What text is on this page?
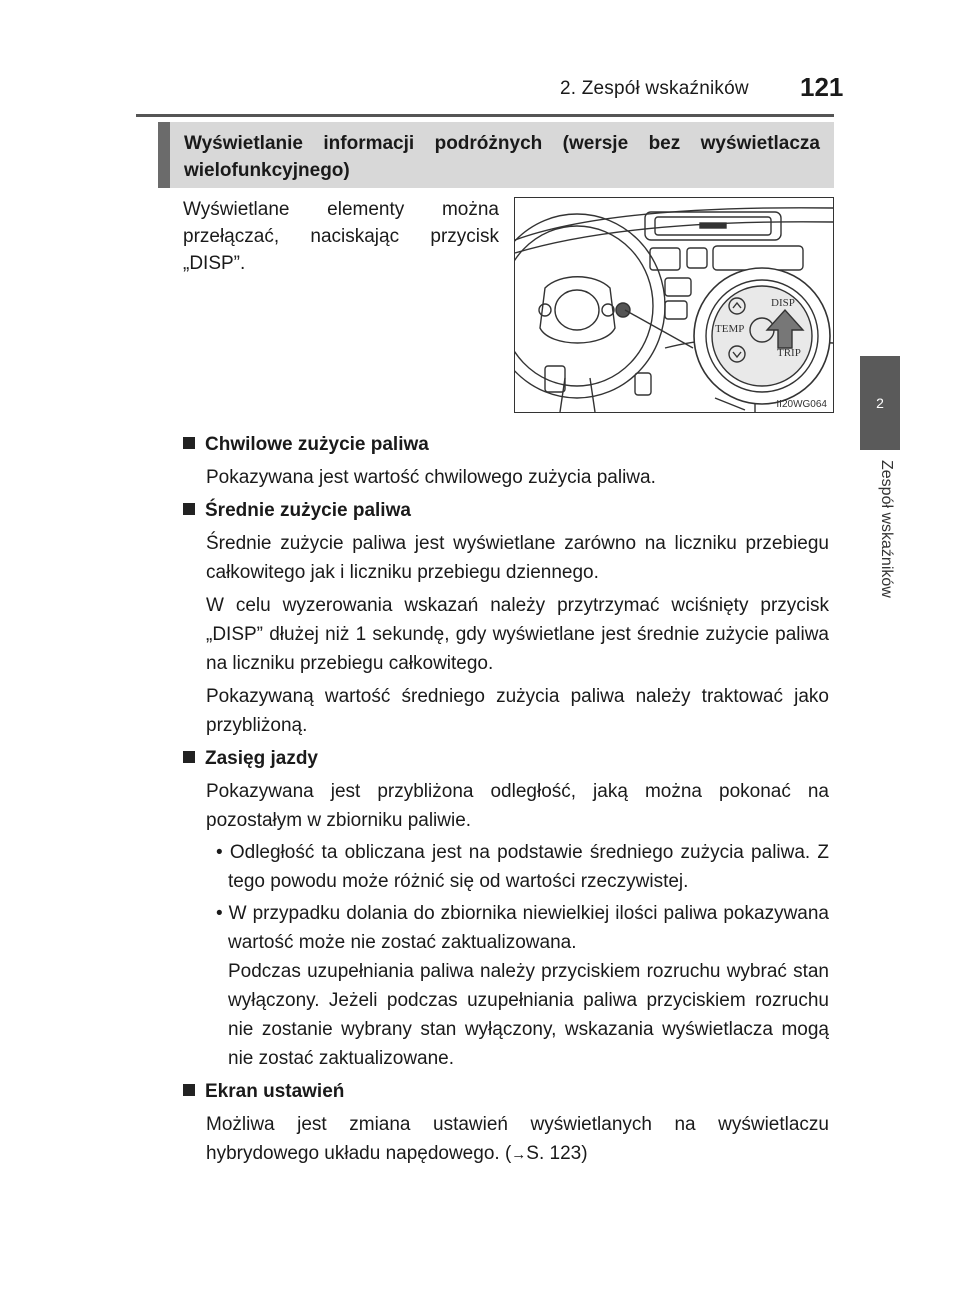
2. Zespół wskaźników 121
2
Zespół wskaźników
Wyświetlanie informacji podróżnych (wersje bez wyświetlacza wielofunkcyjnego)
Wyświetlane elementy można przełączać, naciskając przycisk „DISP”.
DISP
TEMP
TRIP
II20WG064
Chwilowe zużycie paliwa
Pokazywana jest wartość chwilowego zużycia paliwa.
Średnie zużycie paliwa
Średnie zużycie paliwa jest wyświetlane zarówno na liczniku przebiegu całkowitego jak i liczniku przebiegu dziennego.
W celu wyzerowania wskazań należy przytrzymać wciśnięty przycisk „DISP” dłużej niż 1 sekundę, gdy wyświetlane jest średnie zużycie paliwa na liczniku przebiegu całkowitego.
Pokazywaną wartość średniego zużycia paliwa należy traktować jako przybliżoną.
Zasięg jazdy
Pokazywana jest przybliżona odległość, jaką można pokonać na pozostałym w zbiorniku paliwie.
• Odległość ta obliczana jest na podstawie średniego zużycia paliwa. Z tego powodu może różnić się od wartości rzeczywistej.
• W przypadku dolania do zbiornika niewielkiej ilości paliwa pokazywana wartość może nie zostać zaktualizowana.
Podczas uzupełniania paliwa należy przyciskiem rozruchu wybrać stan wyłączony. Jeżeli podczas uzupełniania paliwa przyciskiem rozruchu nie zostanie wybrany stan wyłączony, wskazania wyświetlacza mogą nie zostać zaktualizowane.
Ekran ustawień
Możliwa jest zmiana ustawień wyświetlanych na wyświetlaczu hybrydowego układu napędowego. (→S. 123)
